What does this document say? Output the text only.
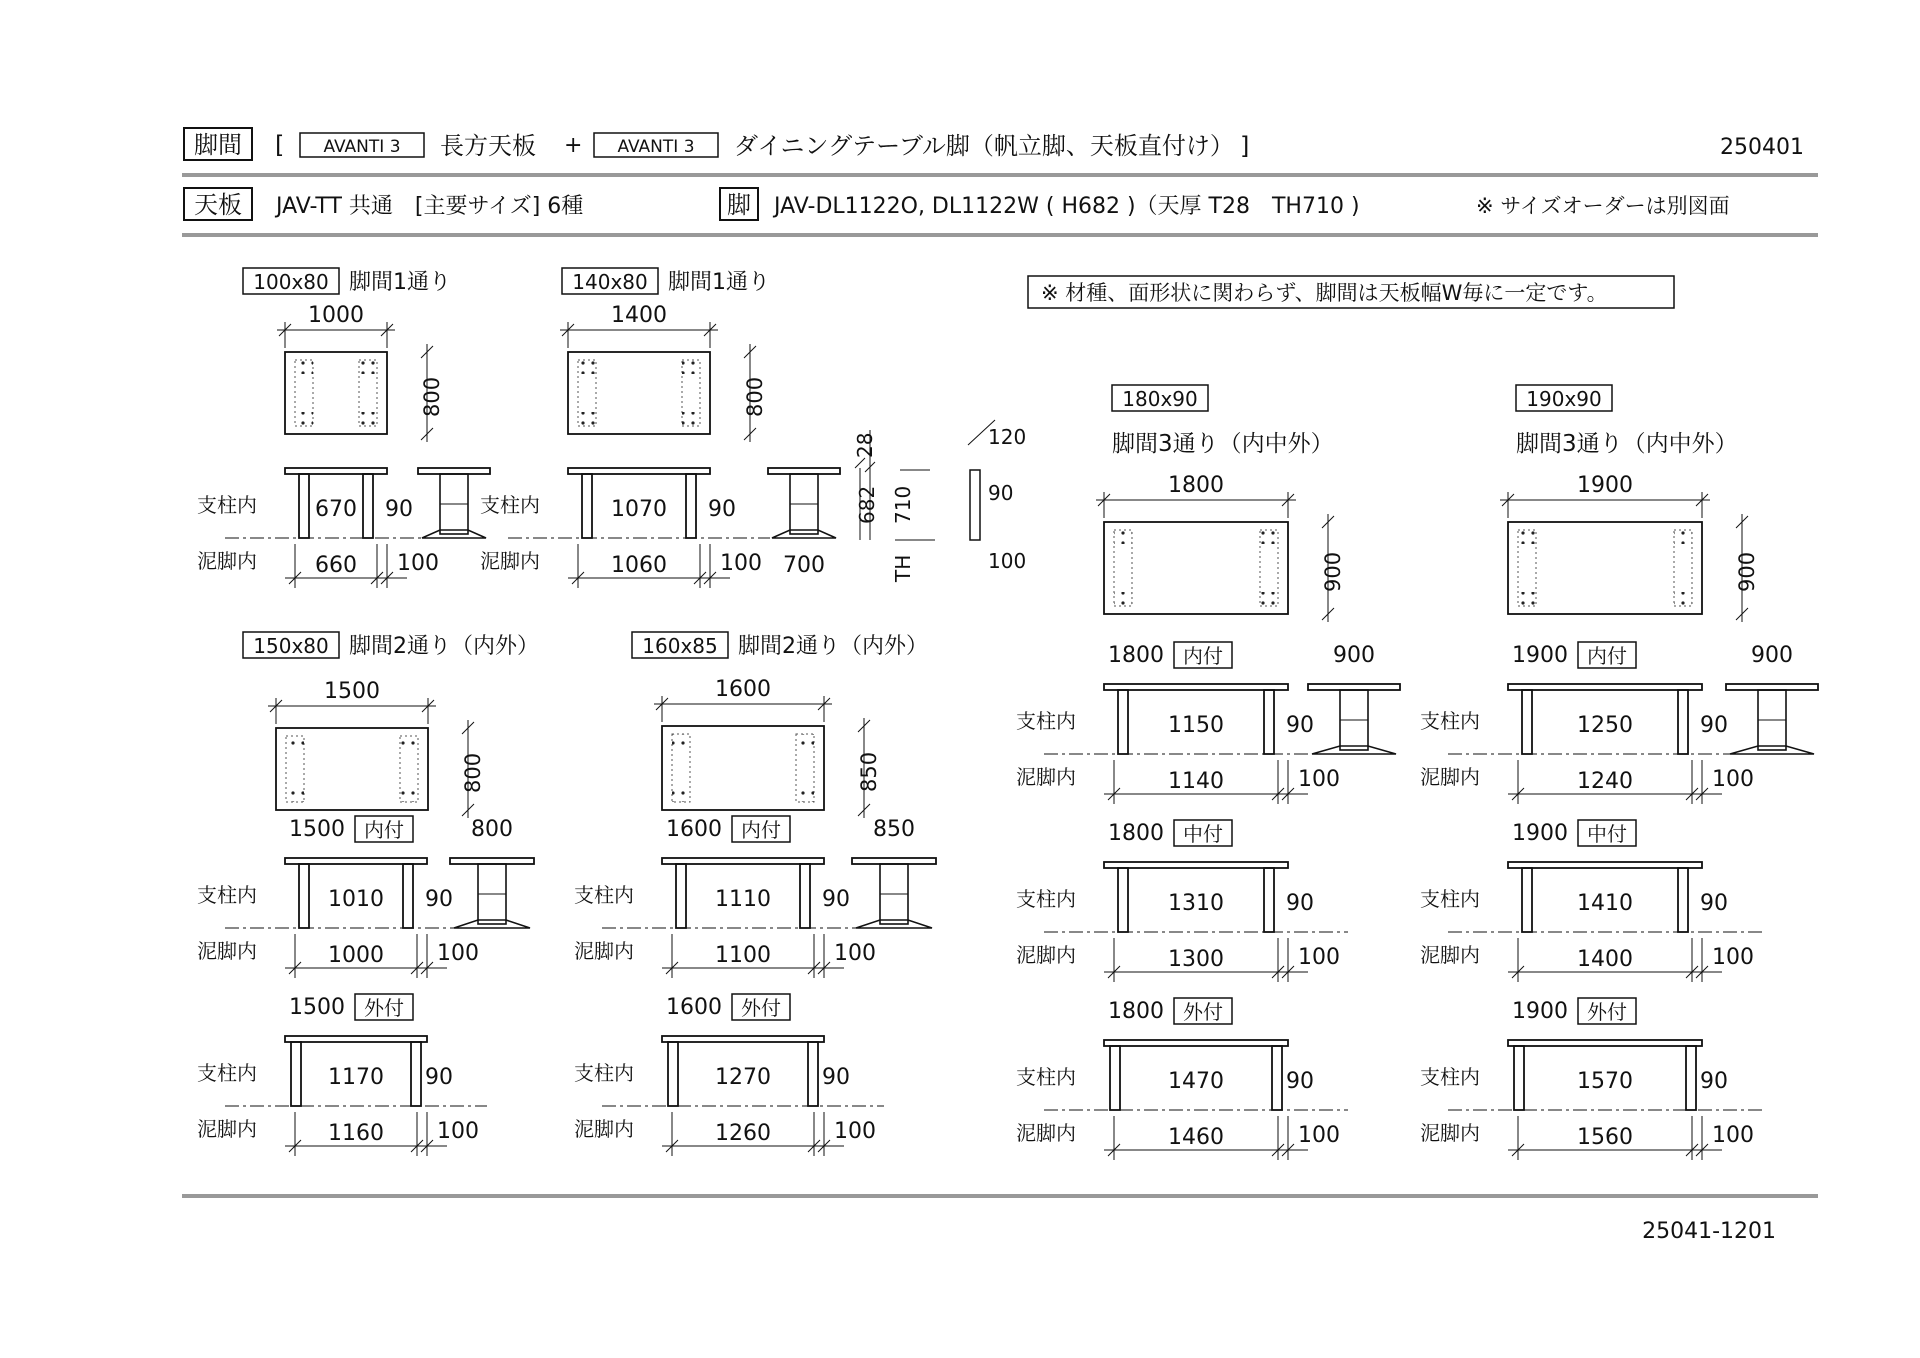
脚間 [ AVANTI 3 長方天板 + AVANTI 3 ダイニングテーブル脚（帆立脚、天板直付け） ]	250401
天板 JAV-TT 共通　[主要サイズ] 6種	脚 JAV-DL1122O, DL1122W ( H682 )（天厚 T28　TH710 )	※ サイズオーダーは別図面
※ 材種、面形状に関わらず、脚間は天板幅W毎に一定です。
28
682 710
TH
120
90
100
100x80 脚間1通り
1000
800
支柱内
泥脚内
670 90
660 100
140x80 脚間1通り
1400
800
支柱内
泥脚内
1070 90
1060 100 700
150x80 脚間2通り（内外）
1500
800
1500 内付
支柱内
泥脚内
1010 90
1000 100
800
1500 外付
支柱内
泥脚内
1170 90
1160 100
160x85 脚間2通り（内外）
1600
850
1600 内付
支柱内
泥脚内
1110 90
1100	100
850
1600 外付
支柱内
泥脚内
1270 90
1260	100
180x90
脚間3通り（内中外）
1800
900
1800 内付
支柱内
泥脚内
1150	90
1140	100
900
1800 中付
支柱内
泥脚内
1310	90
1300	100
1800 外付
支柱内
泥脚内
1470	90
1460	100
190x90
脚間3通り（内中外）
1900
900
1900 内付
支柱内
泥脚内
1250	90
1240	100
900
1900 中付
支柱内
泥脚内
1410	90
1400	100
1900 外付
支柱内
泥脚内
1570	90
1560	100
25041-1201
